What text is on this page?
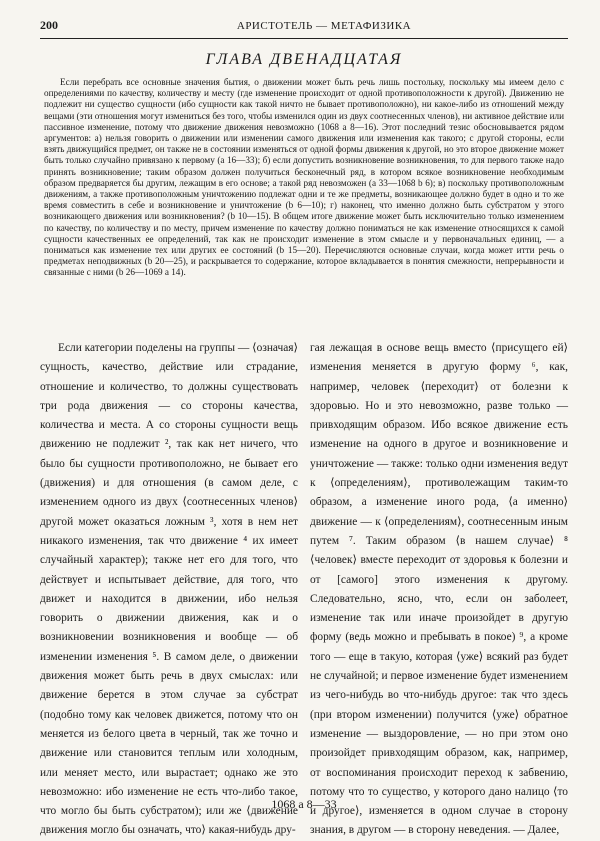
200	АРИСТОТЕЛЬ — МЕТАФИЗИКА
ГЛАВА ДВЕНАДЦАТАЯ
Если перебрать все основные значения бытия, о движении может быть речь лишь постольку, поскольку мы имеем дело с определениями по качеству, количеству и месту (где изменение происходит от одной противоположности к другой). Движению не подлежит ни существо сущности (ибо сущности как такой ничто не бывает противоположно), ни какое-либо из отношений между вещами (эти отношения могут измениться без того, чтобы изменился один из двух соотнесенных членов), ни активное действие или пассивное изменение, потому что движение движения невозможно (1068 a 8—16). Этот последний тезис обосновывается рядом аргументов: а) нельзя говорить о движении или изменении самого движения или изменения как такого; с другой стороны, если взять движущийся предмет, он также не в состоянии изменяться от одной формы движения к другой, но это второе движение может быть только случайно привязано к первому (a 16—33); б) если допустить возникновение возникновения, то для первого также надо принять возникновение; таким образом должен получиться бесконечный ряд, в котором всякое возникновение необходимым образом предваряется бы другим, лежащим в его основе; а такой ряд невозможен (a 33—1068 b 6); в) поскольку противоположным движениям, а также противоположным уничтожению подлежат одни и те же предметы, возникающее должно будет в одно и то же время совместить в себе и возникновение и уничтожение (b 6—10); г) наконец, что именно должно быть субстратом у этого возникающего движения или возникновения? (b 10—15). В общем итоге движение может быть исключительно только изменением по качеству, по количеству и по месту, причем изменение по качеству должно пониматься не как изменение относящихся к самой сущности качественных ее определений, так как не происходит изменение в этом смысле и у первоначальных единиц, — а пониматься как изменение тех или других ее состояний (b 15—20). Перечисляются основные случаи, когда может итти речь о предметах неподвижных (b 20—25), и раскрывается то содержание, которое вкладывается в понятия смежности, непрерывности и связанные с ними (b 26—1069 a 14).
Если категории поделены на группы — ⟨означая⟩ сущность, качество, действие или страдание, отношение и количество, то должны существовать три рода движения — со стороны качества, количества и места. А со стороны сущности вещь движению не подлежит ², так как нет ничего, что было бы сущности противоположно, не бывает его (движения) и для отношения (в самом деле, с изменением одного из двух ⟨соотнесенных членов⟩ другой может оказаться ложным ³, хотя в нем нет никакого изменения, так что движение ⁴ их имеет случайный характер); также нет его для того, что действует и испытывает действие, для того, что движет и находится в движении, ибо нельзя говорить о движении движения, как и о возникновении возникновения и вообще — об изменении изменения ⁵. В самом деле, о движении движения может быть речь в двух смыслах: или движение берется в этом случае за субстрат (подобно тому как человек движется, потому что он меняется из белого цвета в черный, так же точно и движение или становится теплым или холодным, или меняет место, или вырастает; однако же это невозможно: ибо изменение не есть что-либо такое, что могло бы быть субстратом); или же ⟨движение движения могло бы означать, что⟩ какая-нибудь дру-
гая лежащая в основе вещь вместо ⟨присущего ей⟩ изменения меняется в другую форму ⁶, как, например, человек ⟨переходит⟩ от болезни к здоровью. Но и это невозможно, разве только — привходящим образом. Ибо всякое движение есть изменение на одного в другое и возникновение и уничтожение — также: только одни изменения ведут к ⟨определениям⟩, противолежащим таким-то образом, а изменение иного рода, ⟨а именно⟩ движение — к ⟨определениям⟩, соотнесенным иным путем ⁷. Таким образом ⟨в нашем случае⟩ ⁸ ⟨человек⟩ вместе переходит от здоровья к болезни и от [самого] этого изменения к другому. Следовательно, ясно, что, если он заболеет, изменение так или иначе произойдет в другую форму (ведь можно и пребывать в покое) ⁹, а кроме того — еще в такую, которая ⟨уже⟩ всякий раз будет не случайной; и первое изменение будет изменением из чего-нибудь во что-нибудь другое: так что здесь (при втором изменении) получится ⟨уже⟩ обратное изменение — выздоровление, — но при этом оно произойдет привходящим образом, как, например, от воспоминания происходит переход к забвению, потому что то существо, у которого дано налицо ⟨то и другое⟩, изменяется в одном случае в сторону знания, в другом — в сторону неведения. — Далее,
1068 a 8—33
